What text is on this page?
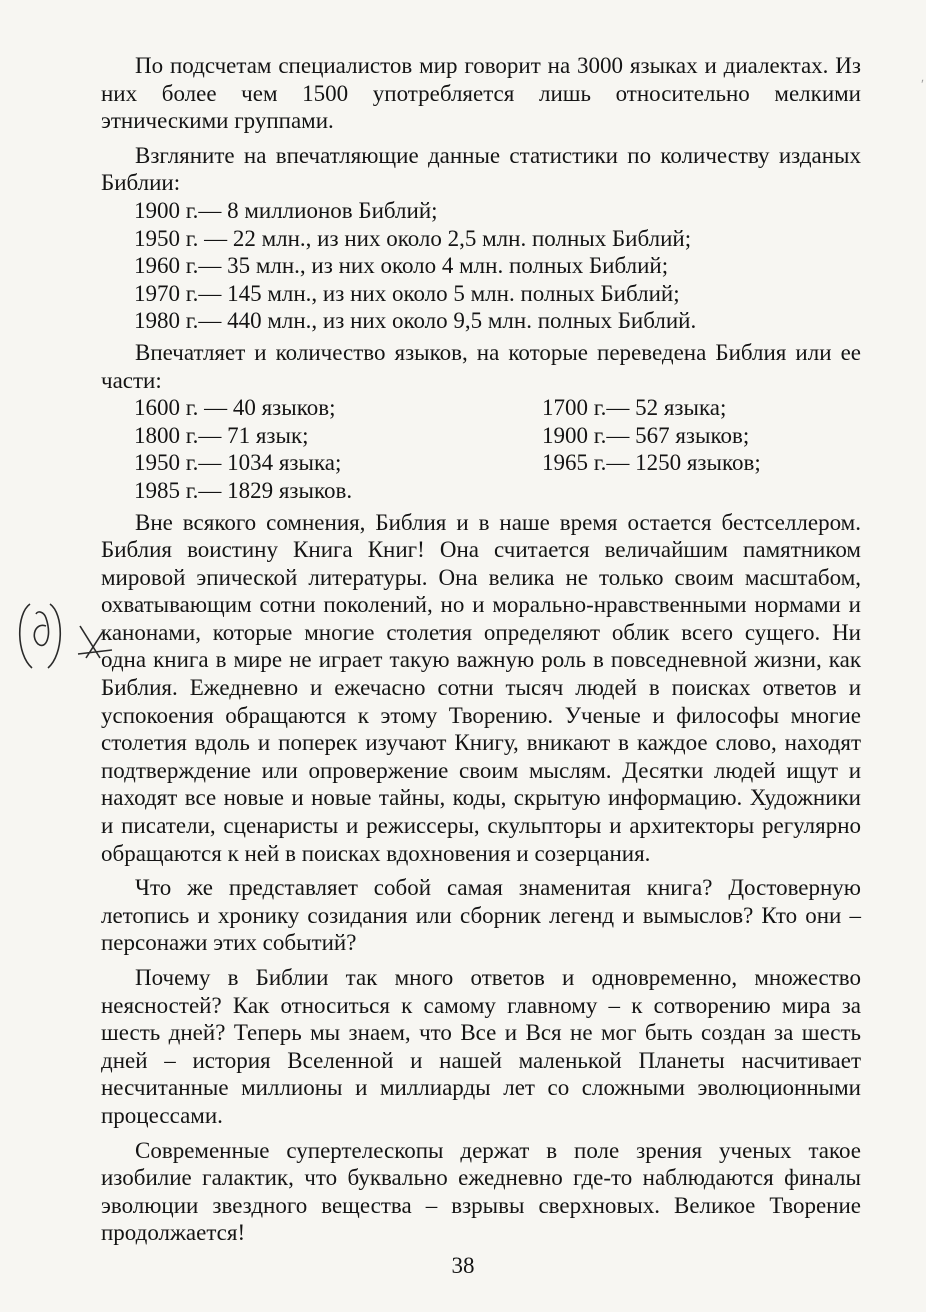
ʹ

По подсчетам специалистов мир говорит на 3000 языках и диалектах. Из них более чем 1500 употребляется лишь относительно мелкими этническими группами.

Взгляните на впечатляющие данные статистики по количеству изданых Библии:

1900 г.— 8 миллионов Библий;
1950 г. — 22 млн., из них около 2,5 млн. полных Библий;
1960 г.— 35 млн., из них около 4 млн. полных Библий;
1970 г.— 145 млн., из них около 5 млн. полных Библий;
1980 г.— 440 млн., из них около 9,5 млн. полных Библий.

Впечатляет и количество языков, на которые переведена Библия или ее части:

1600 г. — 40 языков;	1700 г.— 52 языка;
1800 г.— 71 язык;	1900 г.— 567 языков;
1950 г.— 1034 языка;	1965 г.— 1250 языков;
1985 г.— 1829 языков.

Вне всякого сомнения, Библия и в наше время остается бестселлером. Библия воистину Книга Книг! Она считается величайшим памятником мировой эпической литературы. Она велика не только своим масштабом, охватывающим сотни поколений, но и морально-нравственными нормами и канонами, которые многие столетия определяют облик всего сущего. Ни одна книга в мире не играет такую важную роль в повседневной жизни, как Библия. Ежедневно и ежечасно сотни тысяч людей в поисках ответов и успокоения обращаются к этому Творению. Ученые и философы многие столетия вдоль и поперек изучают Книгу, вникают в каждое слово, находят подтверждение или опровержение своим мыслям. Десятки людей ищут и находят все новые и новые тайны, коды, скрытую информацию. Художники и писатели, сценаристы и режиссеры, скульпторы и архитекторы регулярно обращаются к ней в поисках вдохновения и созерцания.

Что же представляет собой самая знаменитая книга? Достоверную летопись и хронику созидания или сборник легенд и вымыслов? Кто они – персонажи этих событий?

Почему в Библии так много ответов и одновременно, множество неясностей? Как относиться к самому главному – к сотворению мира за шесть дней? Теперь мы знаем, что Все и Вся не мог быть создан за шесть дней – история Вселенной и нашей маленькой Планеты насчитивает несчитанные миллионы и миллиарды лет со сложными эволюционными процессами.

Современные супертелескопы держат в поле зрения ученых такое изобилие галактик, что буквально ежедневно где-то наблюдаются финалы эволюции звездного вещества – взрывы сверхновых. Великое Творение продолжается!

38
